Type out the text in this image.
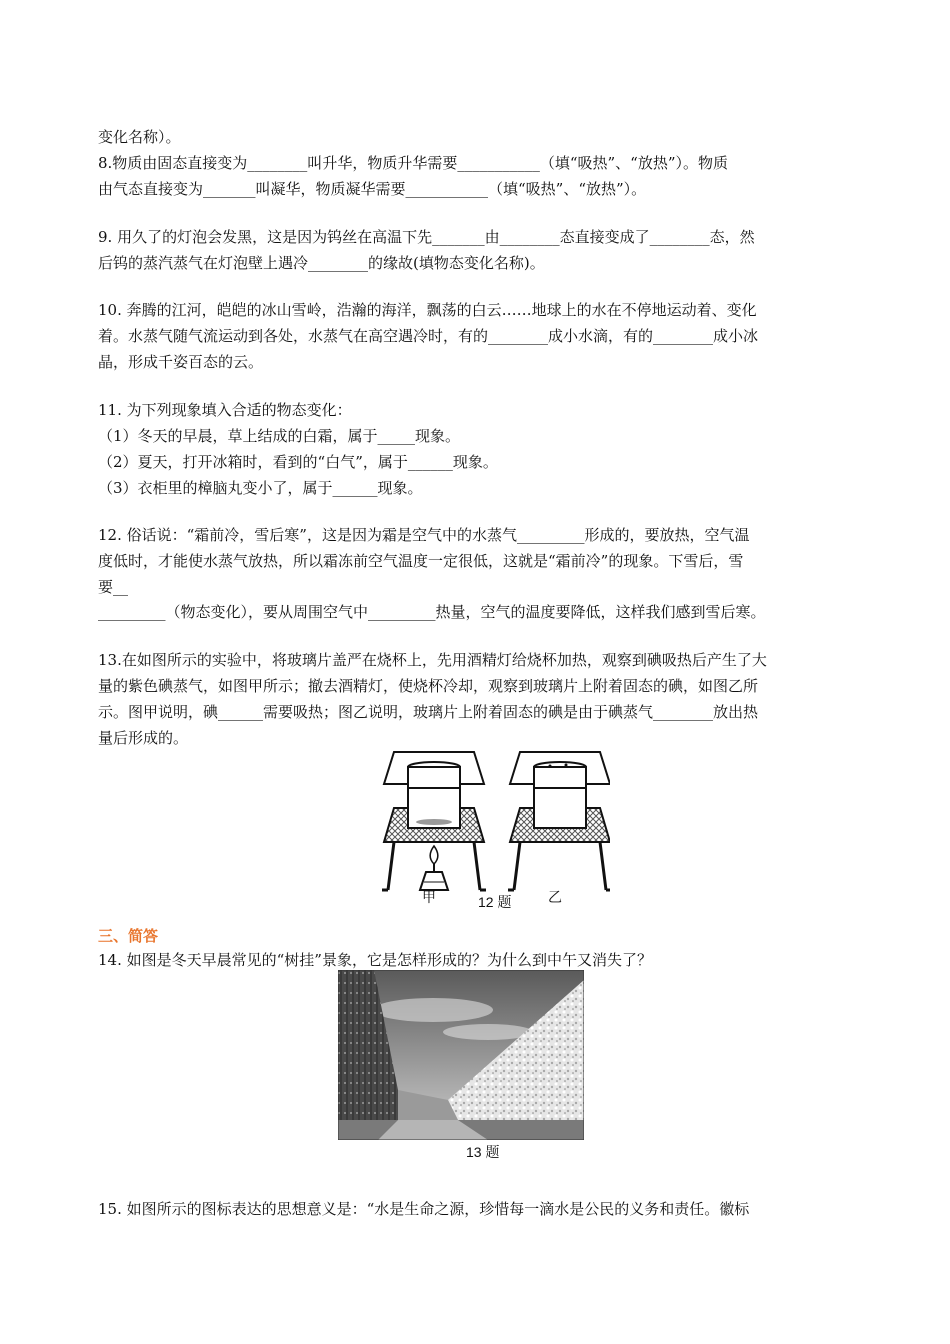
变化名称）。
8.物质由固态直接变为________叫升华，物质升华需要___________（填“吸热”、“放热”）。物质
由气态直接变为_______叫凝华，物质凝华需要___________（填“吸热”、“放热”）。
9. 用久了的灯泡会发黑，这是因为钨丝在高温下先_______由________态直接变成了________态，然
后钨的蒸汽蒸气在灯泡壁上遇冷________的缘故(填物态变化名称)。
10. 奔腾的江河，皑皑的冰山雪岭，浩瀚的海洋，飘荡的白云……地球上的水在不停地运动着、变化
着。水蒸气随气流运动到各处，水蒸气在高空遇冷时，有的________成小水滴，有的________成小冰
晶，形成千姿百态的云。
11. 为下列现象填入合适的物态变化：
（1）冬天的早晨，草上结成的白霜，属于_____现象。
（2）夏天，打开冰箱时，看到的“白气”，属于______现象。
（3）衣柜里的樟脑丸变小了，属于______现象。
12. 俗话说：“霜前冷，雪后寒”，这是因为霜是空气中的水蒸气_________形成的，要放热，空气温
度低时，才能使水蒸气放热，所以霜冻前空气温度一定很低，这就是“霜前冷”的现象。下雪后，雪
要__
_________（物态变化），要从周围空气中_________热量，空气的温度要降低，这样我们感到雪后寒。
13.在如图所示的实验中，将玻璃片盖严在烧杯上，先用酒精灯给烧杯加热，观察到碘吸热后产生了大
量的紫色碘蒸气，如图甲所示；撤去酒精灯，使烧杯冷却，观察到玻璃片上附着固态的碘，如图乙所
示。图甲说明，碘______需要吸热；图乙说明，玻璃片上附着固态的碘是由于碘蒸气________放出热
量后形成的。
甲	12 题	乙
三、简答
14. 如图是冬天早晨常见的“树挂”景象，它是怎样形成的？为什么到中午又消失了？
13 题
15. 如图所示的图标表达的思想意义是：“水是生命之源，珍惜每一滴水是公民的义务和责任。徽标
